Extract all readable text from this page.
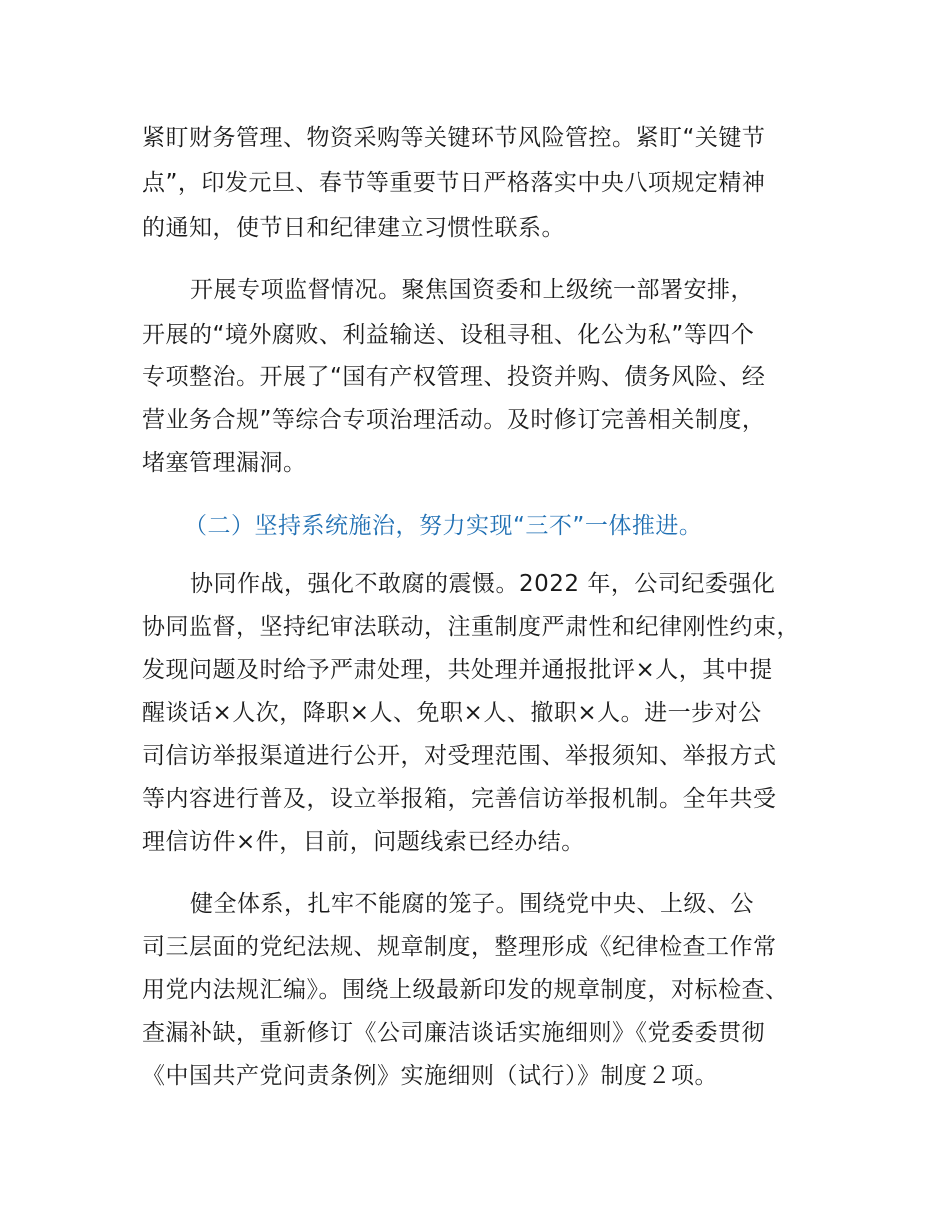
紧盯财务管理、物资采购等关键环节风险管控。紧盯“关键节
点”，印发元旦、春节等重要节日严格落实中央八项规定精神
的通知，使节日和纪律建立习惯性联系。
开展专项监督情况。聚焦国资委和上级统一部署安排，
开展的“境外腐败、利益输送、设租寻租、化公为私”等四个
专项整治。开展了“国有产权管理、投资并购、债务风险、经
营业务合规”等综合专项治理活动。及时修订完善相关制度，
堵塞管理漏洞。
（二）坚持系统施治，努力实现“三不”一体推进。
协同作战，强化不敢腐的震慑。2022 年，公司纪委强化
协同监督，坚持纪审法联动，注重制度严肃性和纪律刚性约束，
发现问题及时给予严肃处理，共处理并通报批评×人，其中提
醒谈话×人次，降职×人、免职×人、撤职×人。进一步对公
司信访举报渠道进行公开，对受理范围、举报须知、举报方式
等内容进行普及，设立举报箱，完善信访举报机制。全年共受
理信访件×件，目前，问题线索已经办结。
健全体系，扎牢不能腐的笼子。围绕党中央、上级、公
司三层面的党纪法规、规章制度，整理形成《纪律检查工作常
用党内法规汇编》。围绕上级最新印发的规章制度，对标检查、
查漏补缺，重新修订《公司廉洁谈话实施细则》《党委委贯彻
《中国共产党问责条例》实施细则（试行）》制度２项。
